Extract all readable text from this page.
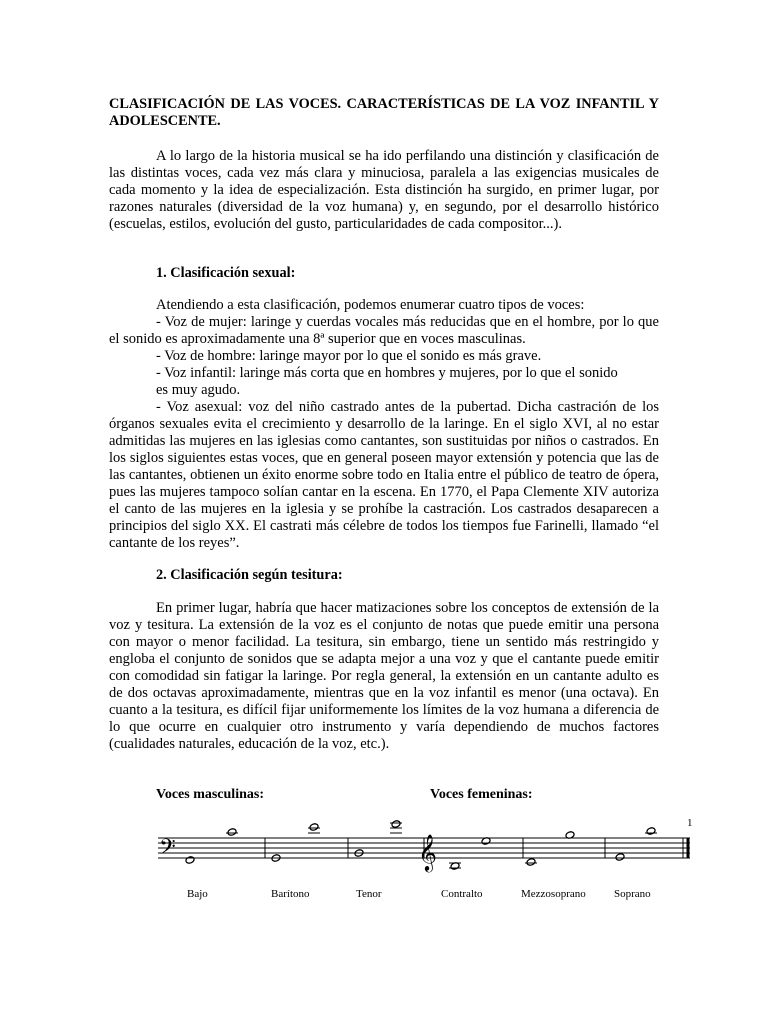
CLASIFICACIÓN DE LAS VOCES. CARACTERÍSTICAS DE LA VOZ INFANTIL Y ADOLESCENTE.

A lo largo de la historia musical se ha ido perfilando una distinción y clasificación de las distintas voces, cada vez más clara y minuciosa, paralela a las exigencias musicales de cada momento y la idea de especialización. Esta distinción ha surgido, en primer lugar, por razones naturales (diversidad de la voz humana) y, en segundo, por el desarrollo histórico (escuelas, estilos, evolución del gusto, particularidades de cada compositor...).

1. Clasificación sexual:

Atendiendo a esta clasificación, podemos enumerar cuatro tipos de voces:

- Voz de mujer: laringe y cuerdas vocales más reducidas que en el hombre, por lo que el sonido es aproximadamente una 8ª superior que en voces masculinas.

- Voz de hombre: laringe mayor por lo que el sonido es más grave.

- Voz infantil: laringe más corta que en hombres y mujeres, por lo que el sonido

es muy agudo.

- Voz asexual: voz del niño castrado antes de la pubertad. Dicha castración de los órganos sexuales evita el crecimiento y desarrollo de la laringe. En el siglo XVI, al no estar admitidas las mujeres en las iglesias como cantantes, son sustituidas por niños o castrados. En los siglos siguientes estas voces, que en general poseen mayor extensión y potencia que las de las cantantes, obtienen un éxito enorme sobre todo en Italia entre el público de teatro de ópera, pues las mujeres tampoco solían cantar en la escena. En 1770, el Papa Clemente XIV autoriza el canto de las mujeres en la iglesia y se prohíbe la castración. Los castrados desaparecen a principios del siglo XX. El castrati más célebre de todos los tiempos fue Farinelli, llamado “el cantante de los reyes”.

2. Clasificación según tesitura:

En primer lugar, habría que hacer matizaciones sobre los conceptos de extensión de la voz y tesitura. La extensión de la voz es el conjunto de notas que puede emitir una persona con mayor o menor facilidad. La tesitura, sin embargo, tiene un sentido más restringido y engloba el conjunto de sonidos que se adapta mejor a una voz y que el cantante puede emitir con comodidad sin fatigar la laringe. Por regla general, la extensión en un cantante adulto es de dos octavas aproximadamente, mientras que en la voz infantil es menor (una octava). En cuanto a la tesitura, es difícil fijar uniformemente los límites de la voz humana a diferencia de lo que ocurre en cualquier otro instrumento y varía dependiendo de muchos factores (cualidades naturales, educación de la voz, etc.).

Voces masculinas:	Voces femeninas:
𝄢	𝄞
1
Bajo	Barítono	Tenor	Contralto	Mezzosoprano	Soprano
